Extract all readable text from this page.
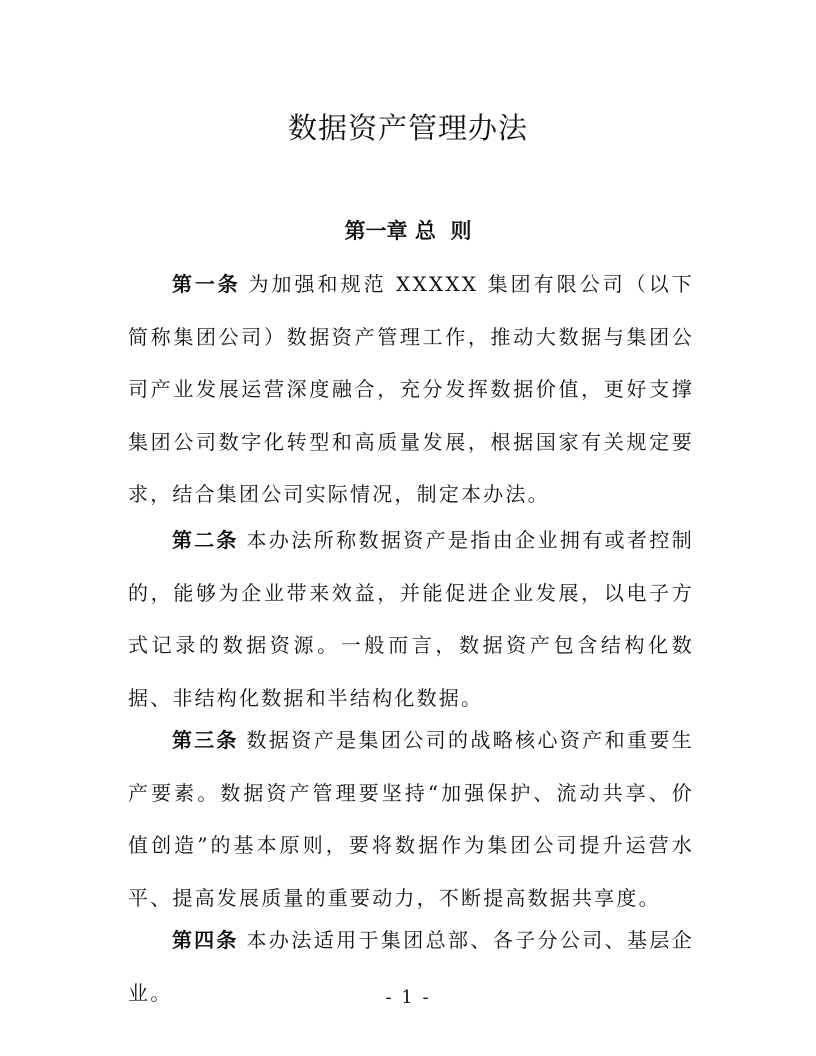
数据资产管理办法
第一章 总  则

第一条 为加强和规范 XXXXX 集团有限公司（以下简称集团公司）数据资产管理工作，推动大数据与集团公司产业发展运营深度融合，充分发挥数据价值，更好支撑集团公司数字化转型和高质量发展，根据国家有关规定要求，结合集团公司实际情况，制定本办法。

第二条 本办法所称数据资产是指由企业拥有或者控制的，能够为企业带来效益，并能促进企业发展，以电子方式记录的数据资源。一般而言，数据资产包含结构化数据、非结构化数据和半结构化数据。

第三条 数据资产是集团公司的战略核心资产和重要生产要素。数据资产管理要坚持“加强保护、流动共享、价值创造”的基本原则，要将数据作为集团公司提升运营水平、提高发展质量的重要动力，不断提高数据共享度。

第四条 本办法适用于集团总部、各子分公司、基层企业。	- 1 -
